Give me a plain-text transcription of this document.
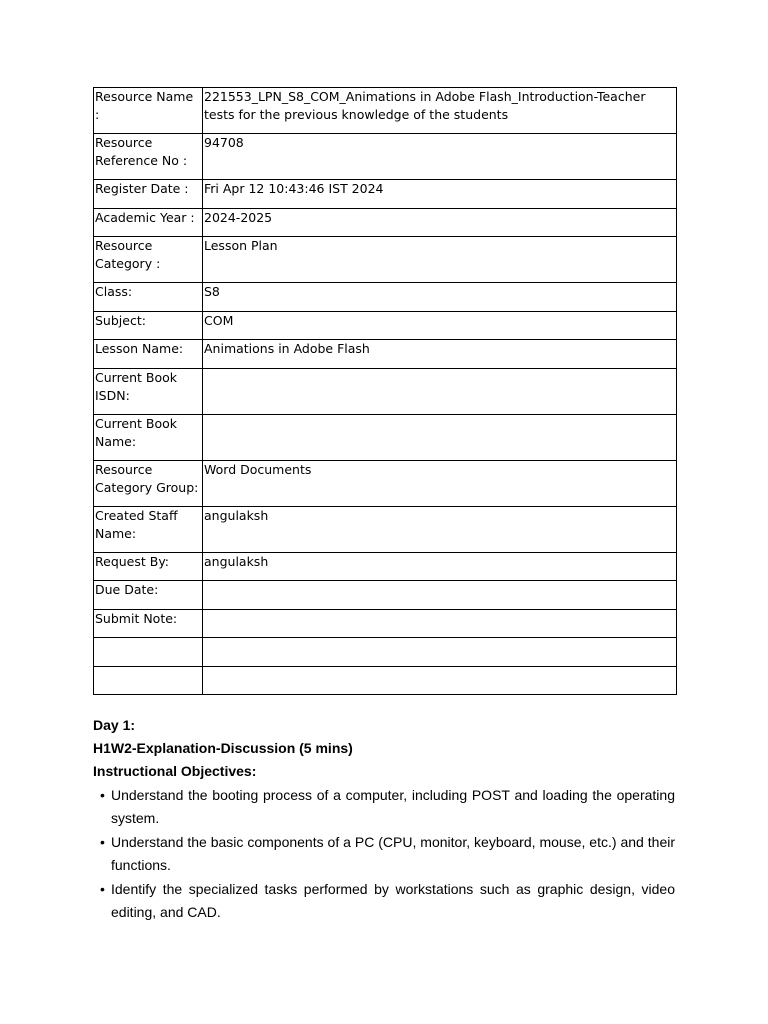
Resource Name :	221553_LPN_S8_COM_Animations in Adobe Flash_Introduction-Teacher tests for the previous knowledge of the students
Resource Reference No :	94708
Register Date :	Fri Apr 12 10:43:46 IST 2024
Academic Year :	2024-2025
Resource Category :	Lesson Plan
Class:	S8
Subject:	COM
Lesson Name:	Animations in Adobe Flash
Current Book ISDN:	
Current Book Name:	
Resource Category Group:	Word Documents
Created Staff Name:	angulaksh
Request By:	angulaksh
Due Date:	
Submit Note:	

Day 1:
H1W2-Explanation-Discussion (5 mins)
Instructional Objectives:
• Understand the booting process of a computer, including POST and loading the operating system.
• Understand the basic components of a PC (CPU, monitor, keyboard, mouse, etc.) and their functions.
• Identify the specialized tasks performed by workstations such as graphic design, video editing, and CAD.
